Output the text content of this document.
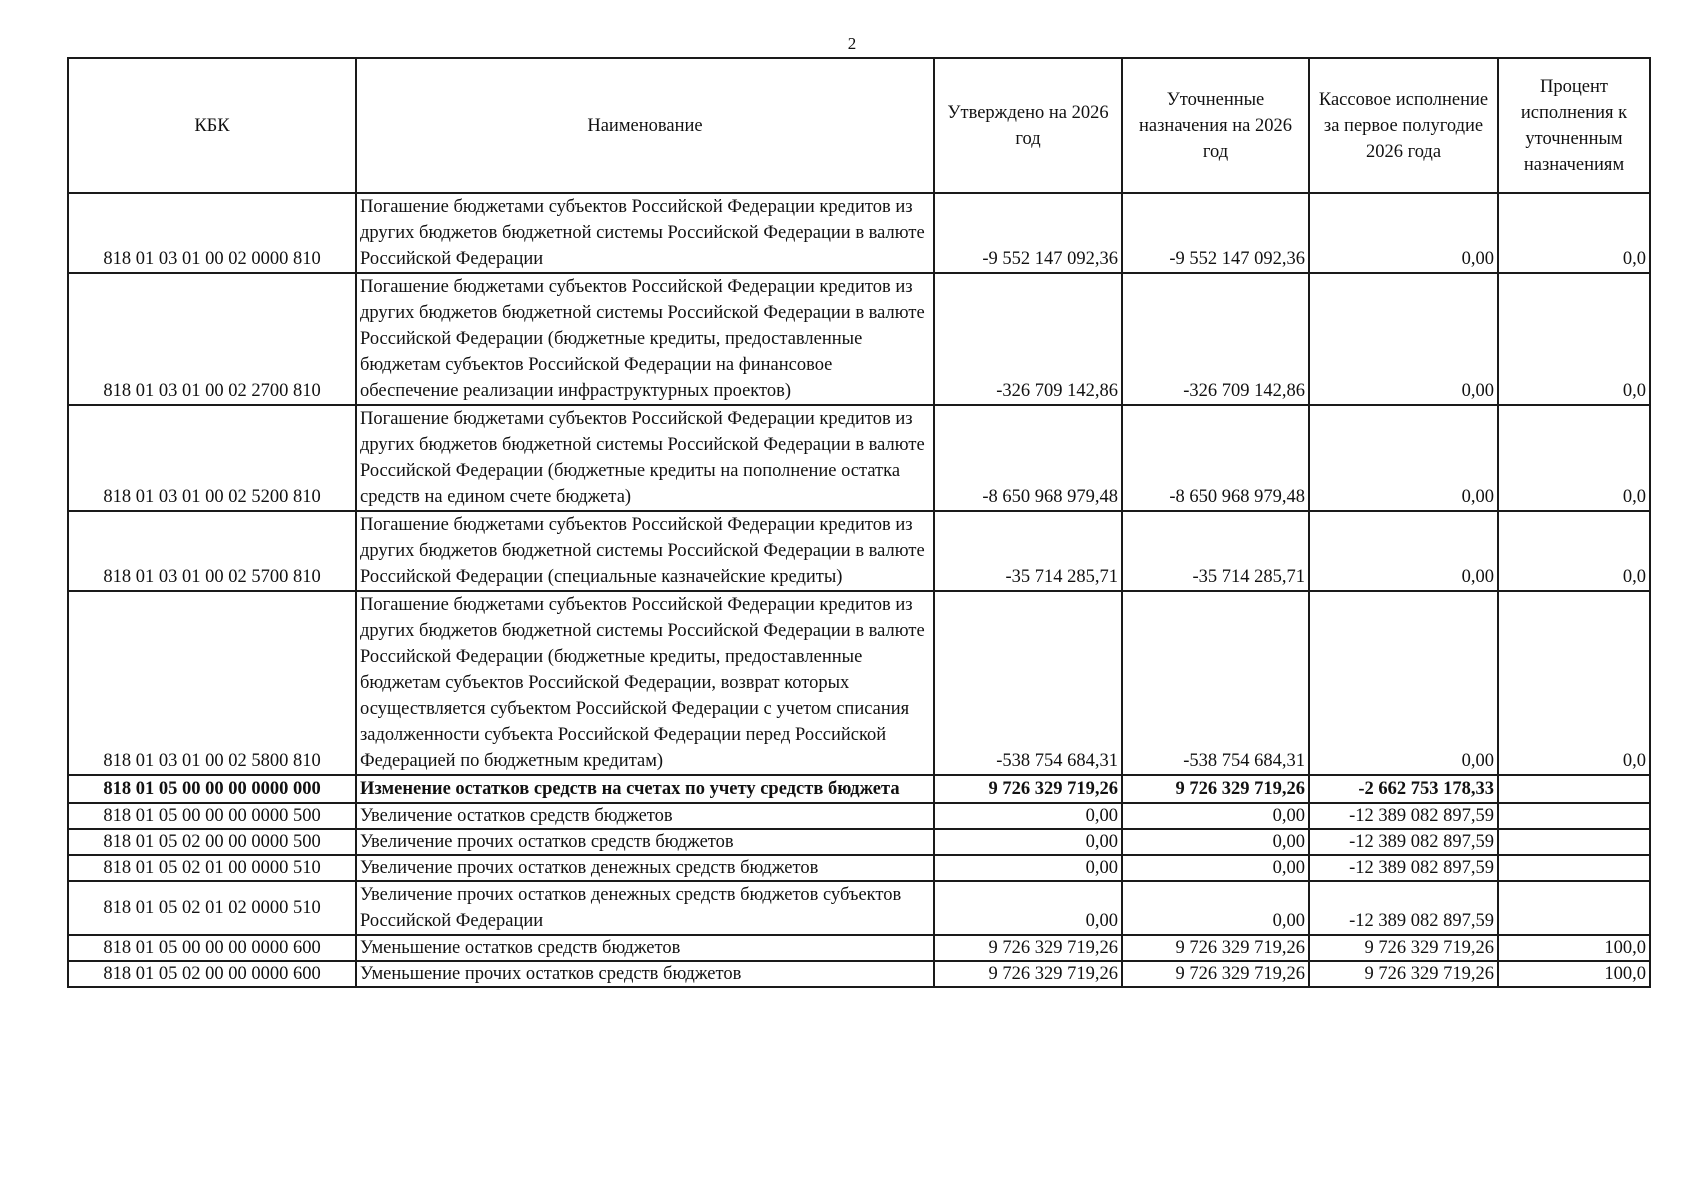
2
КБК	Наименование	Утверждено на 2026 год	Уточненные назначения на 2026 год	Кассовое исполнение за первое полугодие 2026 года	Процент исполнения к уточненным назначениям
818 01 03 01 00 02 0000 810	Погашение бюджетами субъектов Российской Федерации кредитов из других бюджетов бюджетной системы Российской Федерации в валюте Российской Федерации	-9 552 147 092,36	-9 552 147 092,36	0,00	0,0
818 01 03 01 00 02 2700 810	Погашение бюджетами субъектов Российской Федерации кредитов из других бюджетов бюджетной системы Российской Федерации в валюте Российской Федерации (бюджетные кредиты, предоставленные бюджетам субъектов Российской Федерации на финансовое обеспечение реализации инфраструктурных проектов)	-326 709 142,86	-326 709 142,86	0,00	0,0
818 01 03 01 00 02 5200 810	Погашение бюджетами субъектов Российской Федерации кредитов из других бюджетов бюджетной системы Российской Федерации в валюте Российской Федерации (бюджетные кредиты на пополнение остатка средств на едином счете бюджета)	-8 650 968 979,48	-8 650 968 979,48	0,00	0,0
818 01 03 01 00 02 5700 810	Погашение бюджетами субъектов Российской Федерации кредитов из других бюджетов бюджетной системы Российской Федерации в валюте Российской Федерации (специальные казначейские кредиты)	-35 714 285,71	-35 714 285,71	0,00	0,0
818 01 03 01 00 02 5800 810	Погашение бюджетами субъектов Российской Федерации кредитов из других бюджетов бюджетной системы Российской Федерации в валюте Российской Федерации (бюджетные кредиты, предоставленные бюджетам субъектов Российской Федерации, возврат которых осуществляется субъектом Российской Федерации с учетом списания задолженности субъекта Российской Федерации перед Российской Федерацией по бюджетным кредитам)	-538 754 684,31	-538 754 684,31	0,00	0,0
818 01 05 00 00 00 0000 000	Изменение остатков средств на счетах по учету средств бюджета	9 726 329 719,26	9 726 329 719,26	-2 662 753 178,33	
818 01 05 00 00 00 0000 500	Увеличение остатков средств бюджетов	0,00	0,00	-12 389 082 897,59	
818 01 05 02 00 00 0000 500	Увеличение прочих остатков средств бюджетов	0,00	0,00	-12 389 082 897,59	
818 01 05 02 01 00 0000 510	Увеличение прочих остатков денежных средств бюджетов	0,00	0,00	-12 389 082 897,59	
818 01 05 02 01 02 0000 510	Увеличение прочих остатков денежных средств бюджетов субъектов Российской Федерации	0,00	0,00	-12 389 082 897,59	
818 01 05 00 00 00 0000 600	Уменьшение остатков средств бюджетов	9 726 329 719,26	9 726 329 719,26	9 726 329 719,26	100,0
818 01 05 02 00 00 0000 600	Уменьшение прочих остатков средств бюджетов	9 726 329 719,26	9 726 329 719,26	9 726 329 719,26	100,0
